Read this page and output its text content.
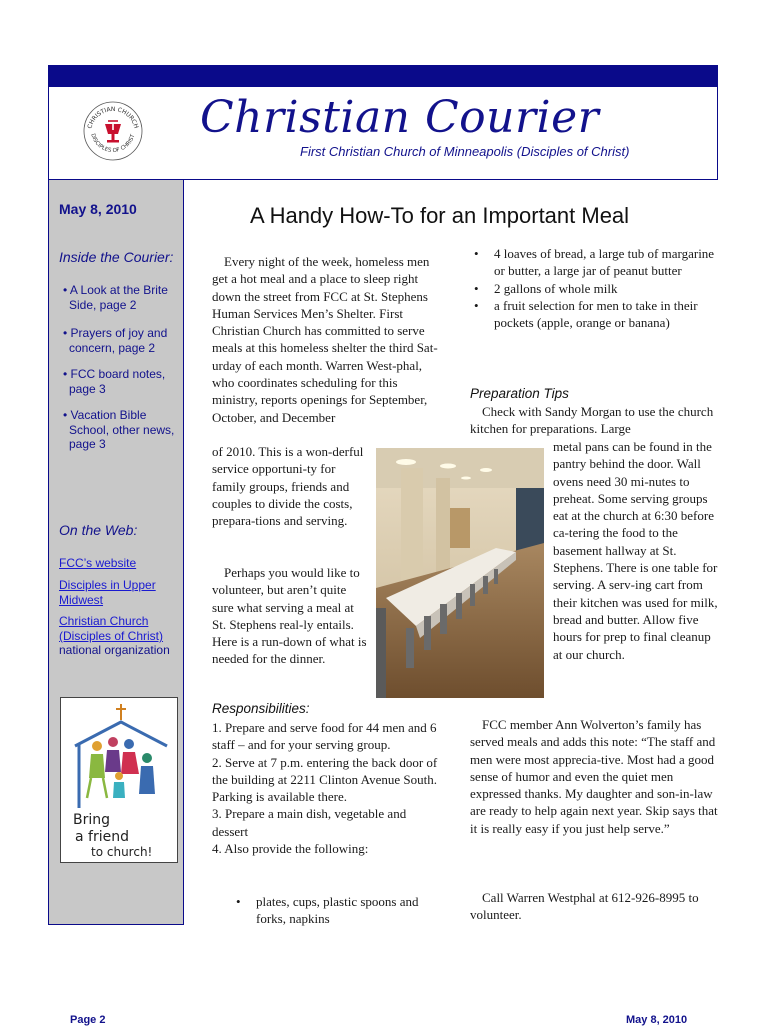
CHRISTIAN CHURCH
DISCIPLES OF CHRIST Christian Courier
First Christian Church of Minneapolis (Disciples of Christ)
May 8, 2010
Inside the Courier:
• A Look at the Brite Side, page 2
• Prayers of joy and concern, page 2
• FCC board notes, page 3
• Vacation Bible School, other news, page 3
On the Web:
FCC’s website
Disciples in Upper Midwest
Christian Church (Disciples of Christ)
national organization
Bring
a friend
to church!
A Handy How-To for an Important Meal
Every night of the week, homeless men get a hot meal and a place to sleep right down the street from FCC at St. Stephens Human Services Men’s Shelter. First Christian Church has committed to serve meals at this homeless shelter the third Sat-urday of each month. Warren West-phal, who coordinates scheduling for this ministry, reports openings for September, October, and December
of 2010. This is a won-derful service opportuni-ty for family groups, friends and couples to divide the costs, prepara-tions and serving.
Perhaps you would like to volunteer, but aren’t quite sure what serving a meal at St. Stephens real-ly entails. Here is a run-down of what is needed for the dinner.
Responsibilities:
1. Prepare and serve food for 44 men and 6 staff – and for your serving group.
2. Serve at 7 p.m. entering the back door of the building at 2211 Clinton Avenue South. Parking is available there.
3. Prepare a main dish, vegetable and dessert
4. Also provide the following:
• plates, cups, plastic spoons and forks, napkins
• 4 loaves of bread, a large tub of margarine or butter, a large jar of peanut butter
• 2 gallons of whole milk
• a fruit selection for men to take in their pockets (apple, orange or banana)
Preparation Tips
Check with Sandy Morgan to use the church kitchen for preparations. Large
metal pans can be found in the pantry behind the door. Wall ovens need 30 mi-nutes to preheat. Some serving groups eat at the church at 6:30 before ca-tering the food to the basement hallway at St. Stephens. There is one table for serving. A serv-ing cart from their kitchen was used for milk, bread and butter. Allow five hours for prep to final cleanup at our church.
FCC member Ann Wolverton’s family has served meals and adds this note: “The staff and men were most apprecia-tive. Most had a good sense of humor and even the quiet men expressed thanks. My daughter and son-in-law are ready to help again next year. Skip says that it is really easy if you just help serve.”
Call Warren Westphal at 612-926-8995 to volunteer.
Page 2	May 8, 2010
